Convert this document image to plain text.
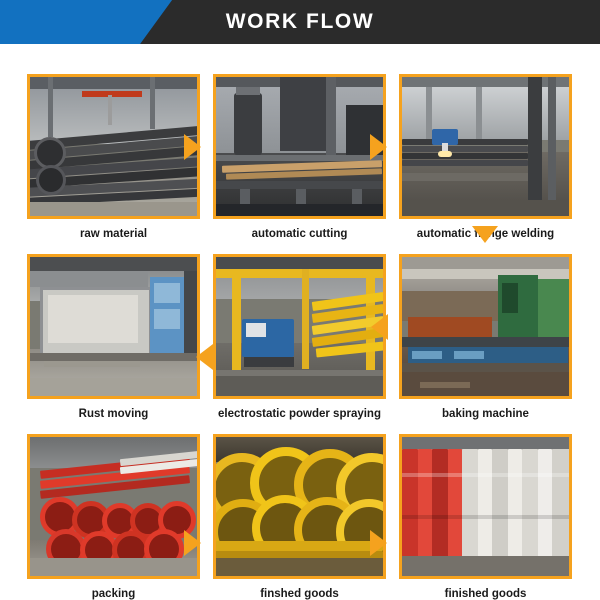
WORK FLOW
raw material	automatic cutting	automatic flange welding
Rust moving	electrostatic powder spraying	baking machine
packing	finshed goods	finished goods
